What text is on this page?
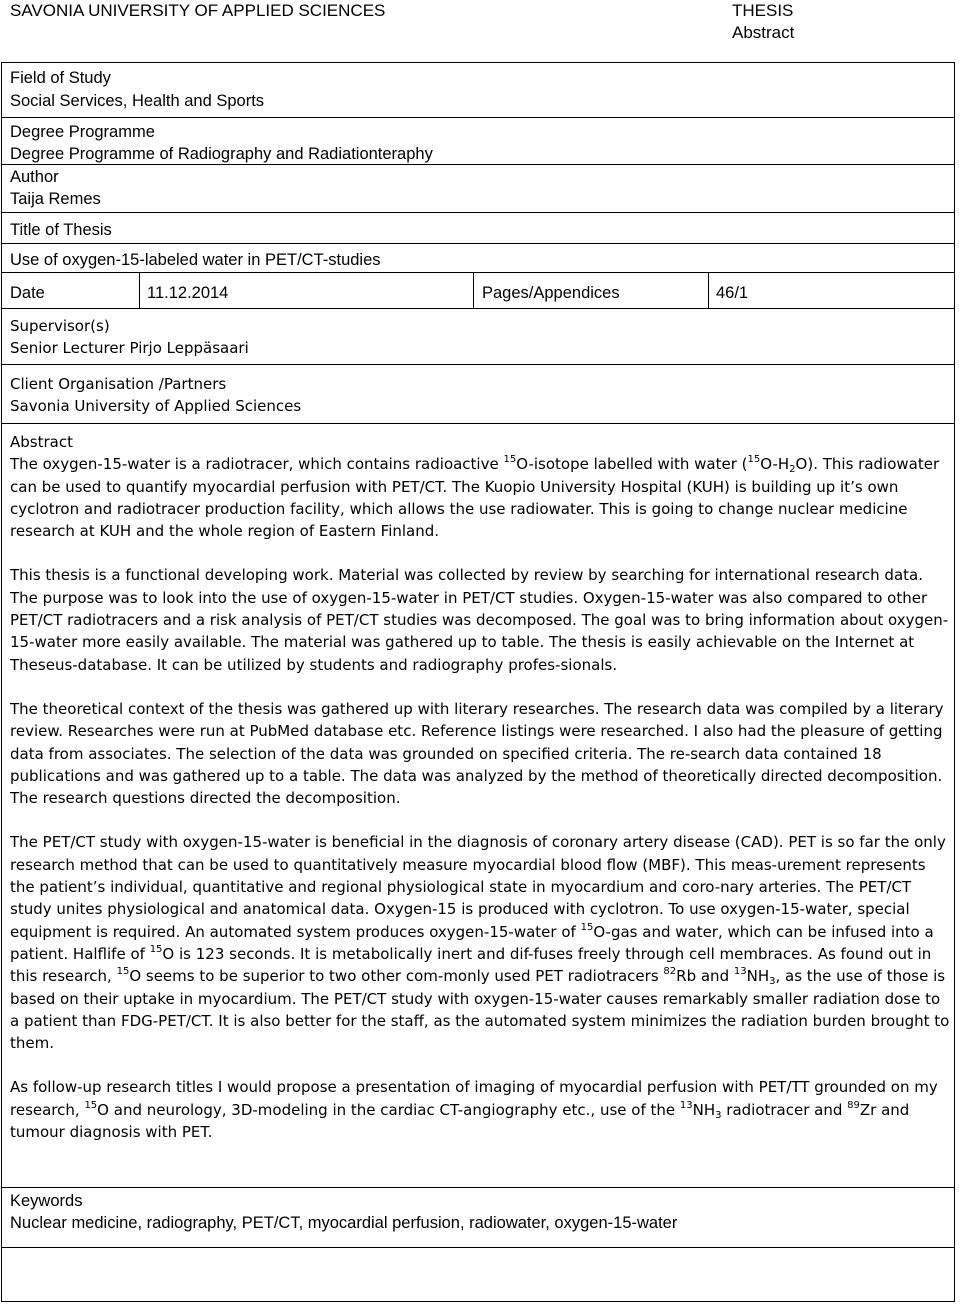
SAVONIA UNIVERSITY OF APPLIED SCIENCES	THESIS
Abstract
Field of Study
Social Services, Health and Sports
Degree Programme
Degree Programme of Radiography and Radiationteraphy
Author
Taija Remes
Title of Thesis
Use of oxygen-15-labeled water in PET/CT-studies
Date	11.12.2014	Pages/Appendices	46/1
Supervisor(s)
Senior Lecturer Pirjo Leppäsaari
Client Organisation /Partners
Savonia University of Applied Sciences

Abstract

The oxygen-15-water is a radiotracer, which contains radioactive $^{15}$O-isotope labelled with water $(^{15}O-H_2O)$. This radiowater can be used to quantify myocardial perfusion with PET/CT. The Kuopio University Hospital (KUH) is building up it’s own cyclotron and radiotracer production facility, which allows the use radiowater. This is going to change nuclear medicine research at KUH and the whole region of Eastern Finland.

This thesis is a functional developing work. Material was collected by review by searching for international research data. The purpose was to look into the use of oxygen-15-water in PET/CT studies. Oxygen-15-water was also compared to other PET/CT radiotracers and a risk analysis of PET/CT studies was decomposed. The goal was to bring information about oxygen-15-water more easily available. The material was gathered up to table. The thesis is easily achievable on the Internet at Theseus-database. It can be utilized by students and radiography profes-sionals.

The theoretical context of the thesis was gathered up with literary researches. The research data was compiled by a literary review. Researches were run at PubMed database etc. Reference listings were researched. I also had the pleasure of getting data from associates. The selection of the data was grounded on specified criteria. The re-search data contained 18 publications and was gathered up to a table. The data was analyzed by the method of theoretically directed decomposition. The research questions directed the decomposition.

The PET/CT study with oxygen-15-water is beneficial in the diagnosis of coronary artery disease (CAD). PET is so far the only research method that can be used to quantitatively measure myocardial blood flow (MBF). This meas-urement represents the patient’s individual, quantitative and regional physiological state in myocardium and coro-nary arteries. The PET/CT study unites physiological and anatomical data. Oxygen-15 is produced with cyclotron. To use oxygen-15-water, special equipment is required. An automated system produces oxygen-15-water of $^{15}$O-gas and water, which can be infused into a patient. Halflife of $^{15}$O is 123 seconds. It is metabolically inert and dif-fuses freely through cell membraces. As found out in this research, $^{15}$O seems to be superior to two other com-monly used PET radiotracers $^{82}$Rb and $^{13}NH_3$, as the use of those is based on their uptake in myocardium. The PET/CT study with oxygen-15-water causes remarkably smaller radiation dose to a patient than FDG-PET/CT. It is also better for the staff, as the automated system minimizes the radiation burden brought to them.

As follow-up research titles I would propose a presentation of imaging of myocardial perfusion with PET/TT grounded on my research, $^{15}$O and neurology, 3D-modeling in the cardiac CT-angiography etc., use of the $^{13}NH_3$ radiotracer and $^{89}$Zr and tumour diagnosis with PET.

Keywords
Nuclear medicine, radiography, PET/CT, myocardial perfusion, radiowater, oxygen-15-water
